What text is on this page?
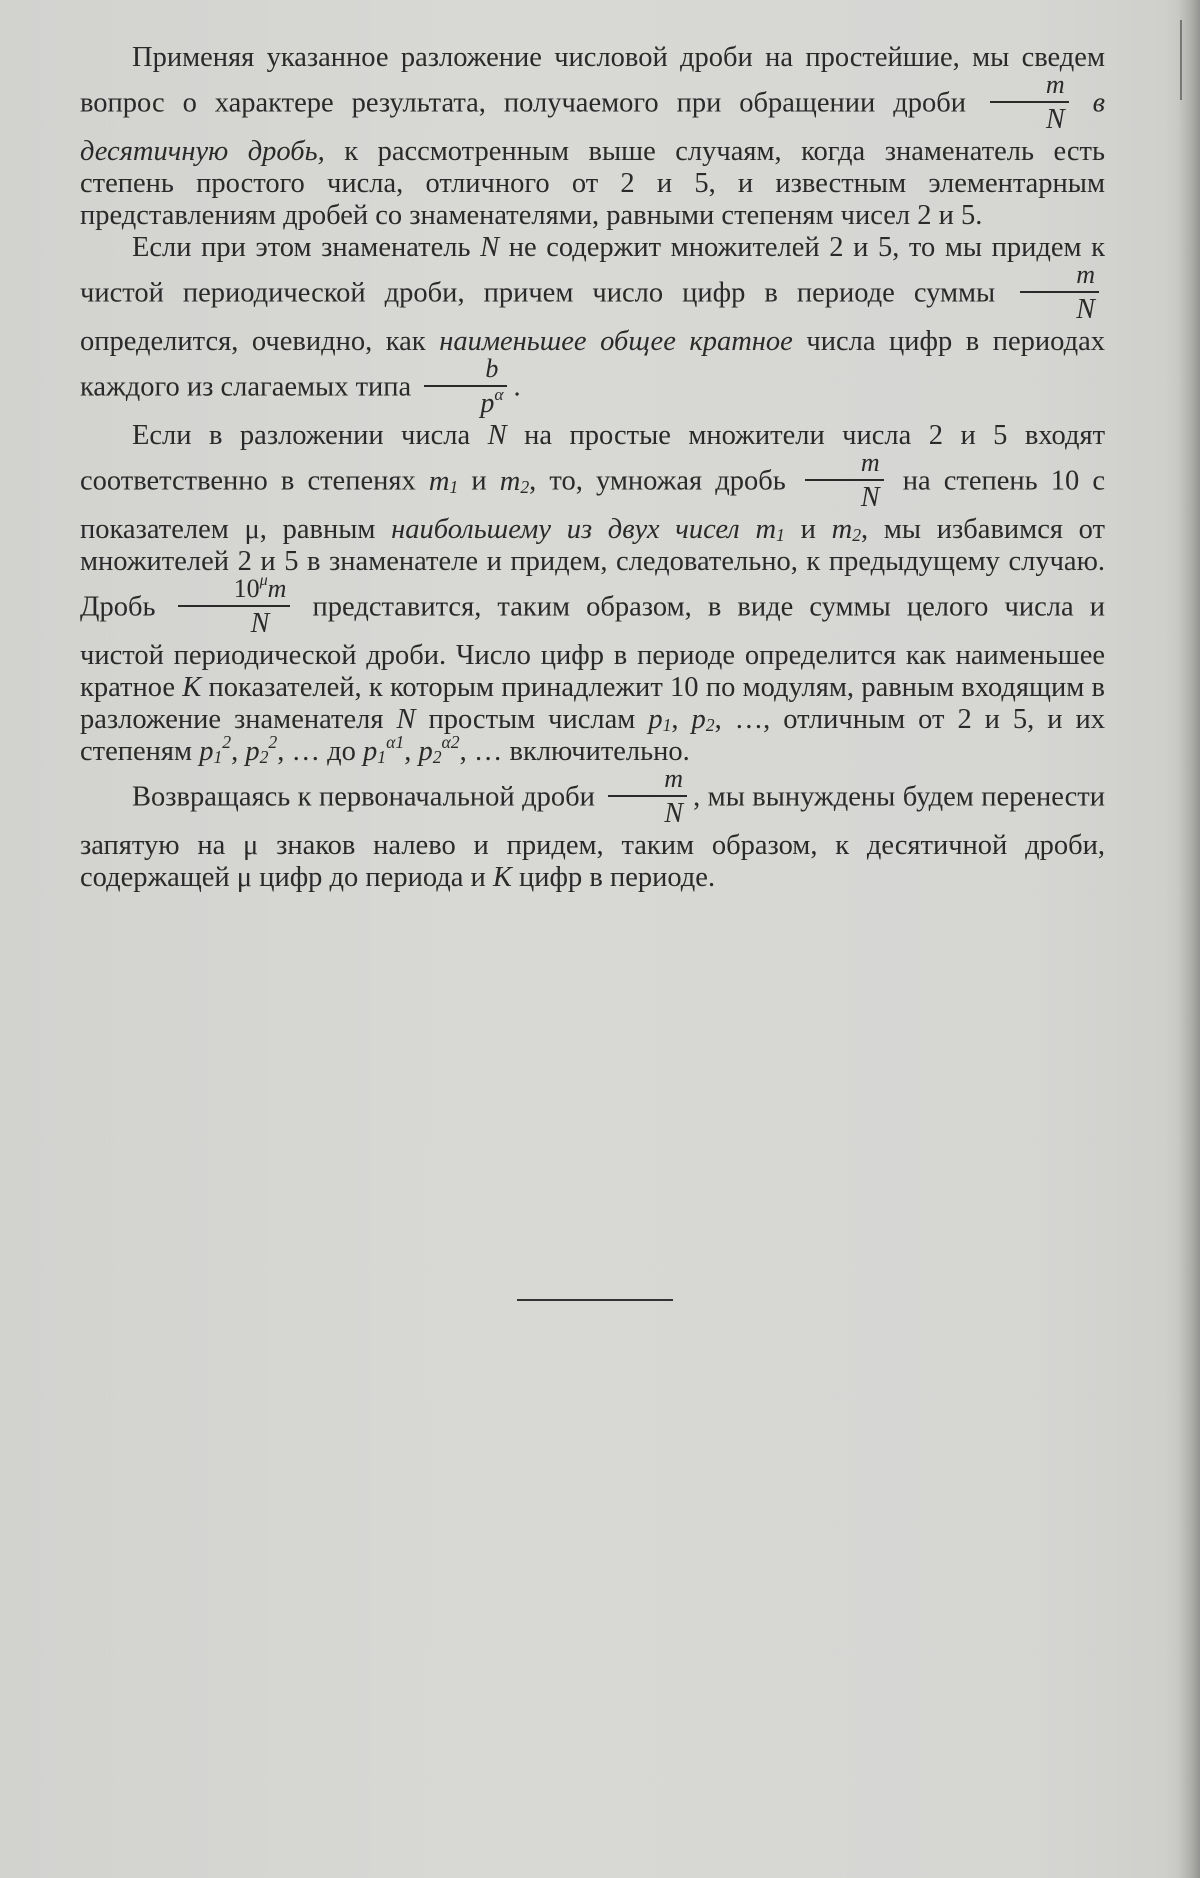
Применяя указанное разложение числовой дроби на простейшие, мы сведем вопрос о характере результата, получаемого при обращении дроби $\frac{m}{N}$ в десятичную дробь, к рассмотренным выше случаям, когда знаменатель есть степень простого числа, отличного от 2 и 5, и известным элементарным представлениям дробей со знаменателями, равными степеням чисел 2 и 5.

Если при этом знаменатель N не содержит множителей 2 и 5, то мы придем к чистой периодической дроби, причем число цифр в периоде суммы $\frac{m}{N}$
определится, очевидно, как наименьшее общее кратное числа цифр в периодах каждого из слагаемых типа $\frac{b}{p^\alpha}$ .

Если в разложении числа N на простые множители числа 2 и 5 входят соответственно в степенях $m_1$ и $m_2$, то, умножая дробь $\frac{m}{N}$ на степень 10 с показателем μ, равным наибольшему из двух чисел $m_1$ и $m_2$, мы избавимся от множителей 2 и 5 в знаменателе и придем, следовательно, к предыдущему случаю. Дробь $\frac{10^\mu m}{N}$ представится, таким образом, в виде суммы целого числа и чистой периодической дроби. Число цифр в периоде определится как наименьшее кратное K показателей, к которым принадлежит 10 по модулям, равным входящим в разложение знаменателя N простым числам $p_1$, $p_2$, …, отличным от 2 и 5, и их степеням $p_1^2$, $p_2^2$, … до $p_1^{\alpha 1}$, $p_2^{\alpha 2}$, … включительно.

Возвращаясь к первоначальной дроби $\frac{m}{N}$ , мы вынуждены будем перенести запятую на μ знаков налево и придем, таким образом, к десятичной дроби, содержащей μ цифр до периода и K цифр в периоде.
